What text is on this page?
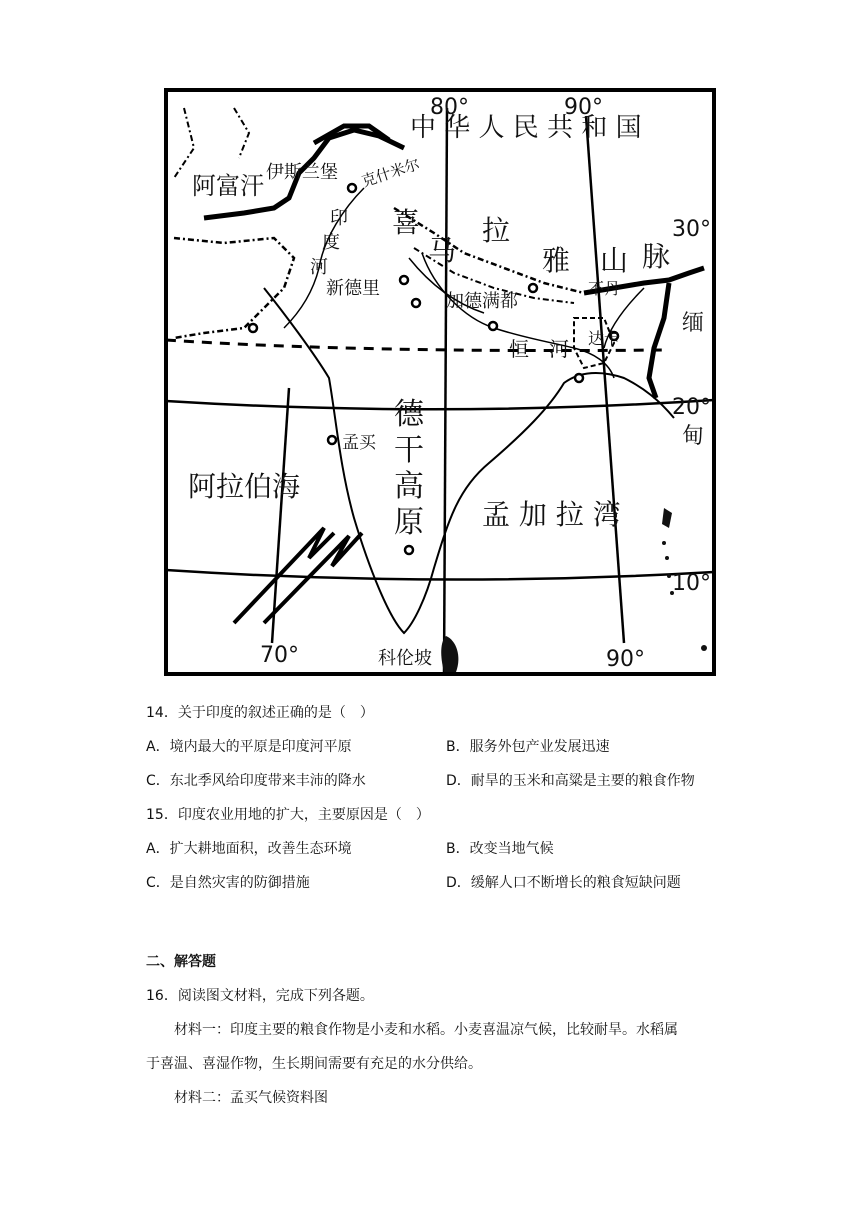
中 华 人 民 共 和 国
阿富汗
缅
甸
喜
马
拉
雅 山 脉
印
度
河
恒　河
德
干
高
原
阿拉伯海
孟 加 拉 湾
克什米尔
伊斯兰堡
新德里
加德满都
不丹
达卡
孟买
科伦坡
80°	90°
30°
20°
10°
70°	90°
14．关于印度的叙述正确的是（　）
A．境内最大的平原是印度河平原	B．服务外包产业发展迅速
C．东北季风给印度带来丰沛的降水	D．耐旱的玉米和高粱是主要的粮食作物
15．印度农业用地的扩大，主要原因是（　）
A．扩大耕地面积，改善生态环境	B．改变当地气候
C．是自然灾害的防御措施	D．缓解人口不断增长的粮食短缺问题
二、解答题
16．阅读图文材料，完成下列各题。
材料一：印度主要的粮食作物是小麦和水稻。小麦喜温凉气候，比较耐旱。水稻属
于喜温、喜湿作物，生长期间需要有充足的水分供给。
材料二：孟买气候资料图
